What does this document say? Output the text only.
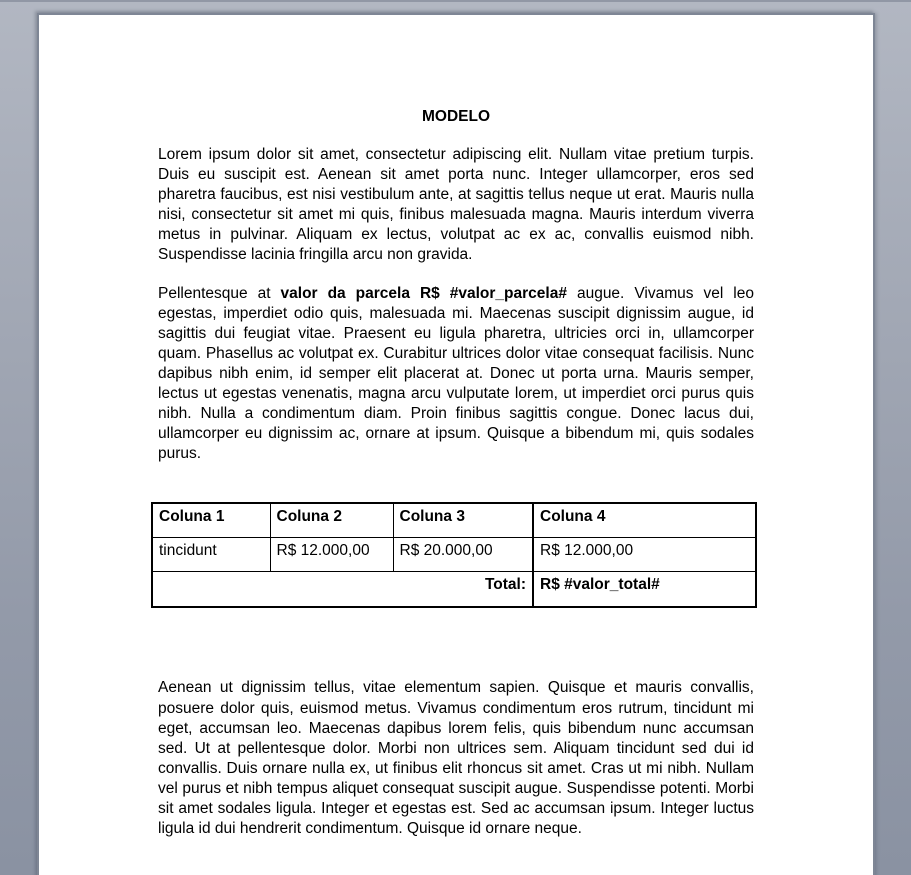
MODELO

Lorem ipsum dolor sit amet, consectetur adipiscing elit. Nullam vitae pretium turpis. Duis eu suscipit est. Aenean sit amet porta nunc. Integer ullamcorper, eros sed pharetra faucibus, est nisi vestibulum ante, at sagittis tellus neque ut erat. Mauris nulla nisi, consectetur sit amet mi quis, finibus malesuada magna. Mauris interdum viverra metus in pulvinar. Aliquam ex lectus, volutpat ac ex ac, convallis euismod nibh. Suspendisse lacinia fringilla arcu non gravida.

Pellentesque at valor da parcela R$ #valor_parcela# augue. Vivamus vel leo egestas, imperdiet odio quis, malesuada mi. Maecenas suscipit dignissim augue, id sagittis dui feugiat vitae. Praesent eu ligula pharetra, ultricies orci in, ullamcorper quam. Phasellus ac volutpat ex. Curabitur ultrices dolor vitae consequat facilisis. Nunc dapibus nibh enim, id semper elit placerat at. Donec ut porta urna. Mauris semper, lectus ut egestas venenatis, magna arcu vulputate lorem, ut imperdiet orci purus quis nibh. Nulla a condimentum diam. Proin finibus sagittis congue. Donec lacus dui, ullamcorper eu dignissim ac, ornare at ipsum. Quisque a bibendum mi, quis sodales purus.

Coluna 1	Coluna 2	Coluna 3	Coluna 4
tincidunt	R$ 12.000,00	R$ 20.000,00	R$ 12.000,00
Total:			R$ #valor_total#

Aenean ut dignissim tellus, vitae elementum sapien. Quisque et mauris convallis, posuere dolor quis, euismod metus. Vivamus condimentum eros rutrum, tincidunt mi eget, accumsan leo. Maecenas dapibus lorem felis, quis bibendum nunc accumsan sed. Ut at pellentesque dolor. Morbi non ultrices sem. Aliquam tincidunt sed dui id convallis. Duis ornare nulla ex, ut finibus elit rhoncus sit amet. Cras ut mi nibh. Nullam vel purus et nibh tempus aliquet consequat suscipit augue. Suspendisse potenti. Morbi sit amet sodales ligula. Integer et egestas est. Sed ac accumsan ipsum. Integer luctus ligula id dui hendrerit condimentum. Quisque id ornare neque.
